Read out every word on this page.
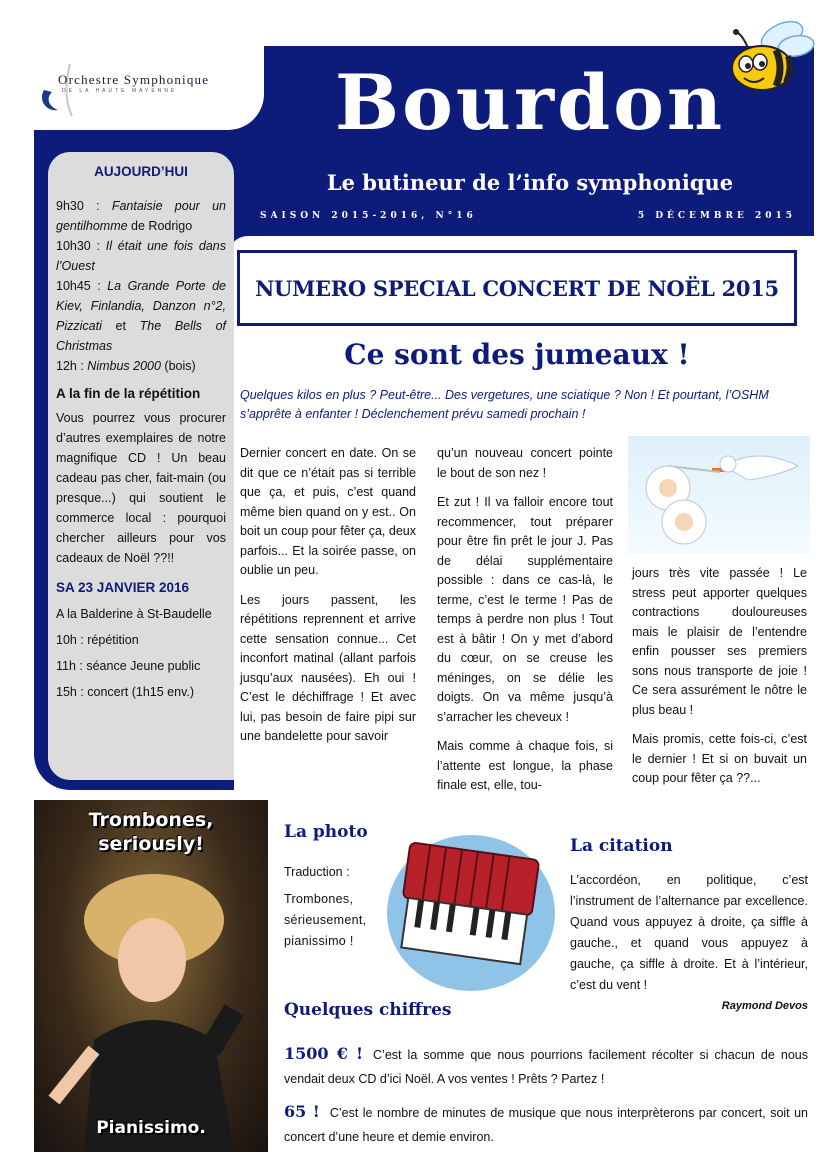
Orchestre Symphonique
DE LA HAUTE MAYENNE	Bourdon
Le butineur de l’info symphonique
SAISON 2015-2016, N°16	5 DÉCEMBRE 2015
AUJOURD’HUI
9h30 : Fantaisie pour un gentilhomme de Rodrigo
10h30 : Il était une fois dans l’Ouest
10h45 : La Grande Porte de Kiev, Finlandia, Danzon n°2, Pizzicati et The Bells of Christmas
12h : Nimbus 2000 (bois)
A la fin de la répétition
Vous pourrez vous procurer d’autres exemplaires de notre magnifique CD ! Un beau cadeau pas cher, fait-main (ou presque...) qui soutient le commerce local : pourquoi chercher ailleurs pour vos cadeaux de Noël ??!!
SA 23 JANVIER 2016
A la Balderine à St-Baudelle
10h : répétition
11h : séance Jeune public
15h : concert (1h15 env.)
NUMERO SPECIAL CONCERT DE NOËL 2015
Ce sont des jumeaux !
Quelques kilos en plus ? Peut-être... Des vergetures, une sciatique ? Non ! Et pourtant, l’OSHM s’apprête à enfanter ! Déclenchement prévu samedi prochain !

Dernier concert en date. On se dit que ce n’était pas si terrible que ça, et puis, c’est quand même bien quand on y est.. On boit un coup pour fêter ça, deux parfois... Et la soirée passe, on oublie un peu.

Les jours passent, les répétitions reprennent et arrive cette sensation connue... Cet inconfort matinal (allant parfois jusqu’aux nausées). Eh oui ! C’est le déchiffrage ! Et avec lui, pas besoin de faire pipi sur une bandelette pour savoir

qu’un nouveau concert pointe le bout de son nez !

Et zut ! Il va falloir encore tout recommencer, tout préparer pour être fin prêt le jour J. Pas de délai supplémentaire possible : dans ce cas-là, le terme, c’est le terme ! Pas de temps à perdre non plus ! Tout est à bâtir ! On y met d’abord du cœur, on se creuse les méninges, on se délie les doigts. On va même jusqu’à s’arracher les cheveux !

Mais comme à chaque fois, si l’attente est longue, la phase finale est, elle, tou-

jours très vite passée ! Le stress peut apporter quelques contractions douloureuses mais le plaisir de l’entendre enfin pousser ses premiers sons nous transporte de joie ! Ce sera assurément le nôtre le plus beau !

Mais promis, cette fois-ci, c’est le dernier ! Et si on buvait un coup pour fêter ça ??...

Trombones,
seriously!
Pianissimo.
La photo
Traduction :
Trombones, sérieusement, pianissimo !
La citation
L’accordéon, en politique, c’est l’instrument de l’alternance par excellence. Quand vous appuyez à droite, ça siffle à gauche., et quand vous appuyez à gauche, ça siffle à droite. Et à l’intérieur, c’est du vent !
Raymond Devos
Quelques chiffres
1500 € ! C’est la somme que nous pourrions facilement récolter si chacun de nous vendait deux CD d’ici Noël. A vos ventes ! Prêts ? Partez !
65 ! C’est le nombre de minutes de musique que nous interprèterons par concert, soit un concert d’une heure et demie environ.
